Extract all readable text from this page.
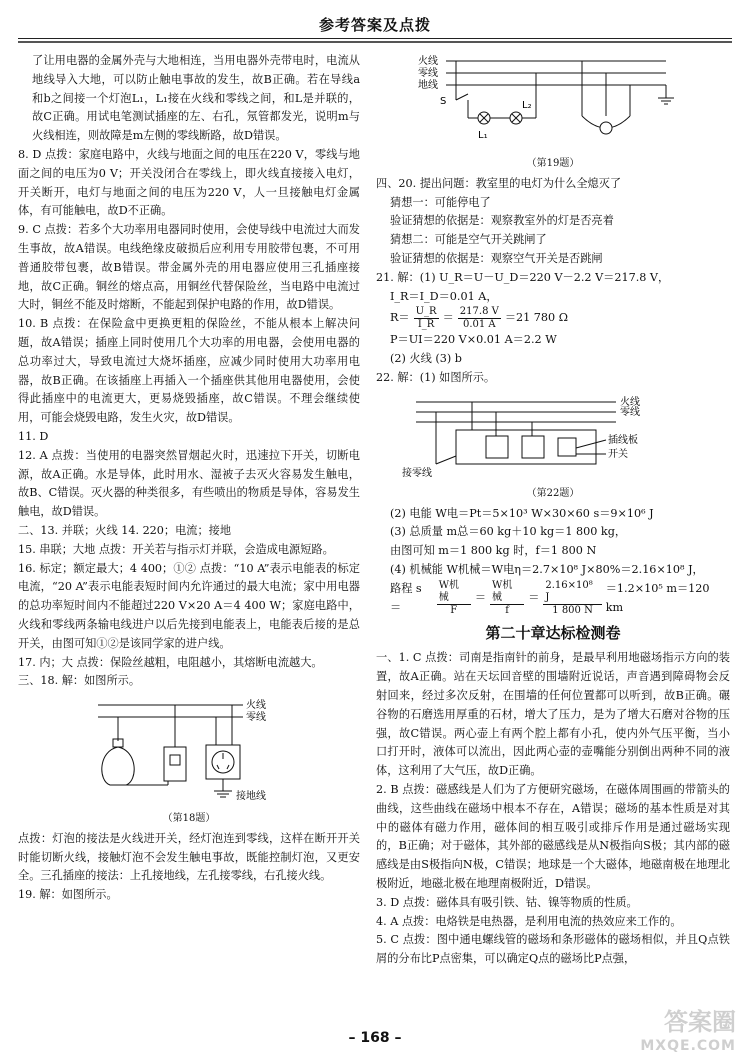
参考答案及点拨

了让用电器的金属外壳与大地相连，当用电器外壳带电时，电流从地线导入大地，可以防止触电事故的发生，故B正确。若在导线a和b之间接一个灯泡L₁，L₁接在火线和零线之间，和L是并联的，故C正确。用试电笔测试插座的左、右孔，氖管都发光，说明m与火线相连，则故障是m左侧的零线断路，故D错误。

8. D 点拨：家庭电路中，火线与地面之间的电压在220 V，零线与地面之间的电压为0 V；开关没闭合在零线上，即火线直接接入电灯，开关断开，电灯与地面之间的电压为220 V，人一旦接触电灯金属体，有可能触电，故D不正确。

9. C 点拨：若多个大功率用电器同时使用，会使导线中电流过大而发生事故，故A错误。电线绝缘皮破损后应利用专用胶带包裹，不可用普通胶带包裹，故B错误。带金属外壳的用电器应使用三孔插座接地，故C正确。铜丝的熔点高，用铜丝代替保险丝，当电路中电流过大时，铜丝不能及时熔断，不能起到保护电路的作用，故D错误。

10. B 点拨：在保险盒中更换更粗的保险丝，不能从根本上解决问题，故A错误；插座上同时使用几个大功率的用电器，会使用电器的总功率过大，导致电流过大烧坏插座，应减少同时使用大功率用电器，故B正确。在该插座上再插入一个插座供其他用电器使用，会使得此插座中的电流更大，更易烧毁插座，故C错误。不理会继续使用，可能会烧毁电路，发生火灾，故D错误。

11. D

12. A 点拨：当使用的电器突然冒烟起火时，迅速拉下开关，切断电源，故A正确。水是导体，此时用水、湿被子去灭火容易发生触电，故B、C错误。灭火器的种类很多，有些喷出的物质是导体，容易发生触电，故D错误。

二、13. 并联；火线 14. 220；电流；接地

15. 串联；大地 点拨：开关若与指示灯并联，会造成电源短路。

16. 标定；额定最大；4 400；①② 点拨：“10 A”表示电能表的标定电流，“20 A”表示电能表短时间内允许通过的最大电流；家中用电器的总功率短时间内不能超过220 V×20 A＝4 400 W；家庭电路中，火线和零线两条输电线进户以后先接到电能表上，电能表后接的是总开关，由图可知①②是该同学家的进户线。

17. 内；大 点拨：保险丝越粗，电阻越小，其熔断电流越大。

三、18. 解：如图所示。

火线
零线
接地线
（第18题）

点拨：灯泡的接法是火线进开关，经灯泡连到零线，这样在断开开关时能切断火线，接触灯泡不会发生触电事故，既能控制灯泡，又更安全。三孔插座的接法：上孔接地线，左孔接零线，右孔接火线。

19. 解：如图所示。

火线
零线
地线
S
L₁
L₂
（第19题）

四、20. 提出问题：教室里的电灯为什么全熄灭了

猜想一：可能停电了

验证猜想的依据是：观察教室外的灯是否亮着

猜想二：可能是空气开关跳闸了

验证猜想的依据是：观察空气开关是否跳闸

21. 解：(1) U_R＝U－U_D＝220 V－2.2 V＝217.8 V，

I_R＝I_D＝0.01 A，

$R= \frac{U\_R}{I\_R} = \frac{217.8 V}{0.01 A} =21$ 780 Ω

P＝UI＝220 V×0.01 A＝2.2 W

(2) 火线 (3) b

22. 解：(1) 如图所示。

火线
零线
插线板
开关
接零线
（第22题）

(2) 电能 W电＝Pt＝5×10³ W×30×60 s＝9×10⁶ J

(3) 总质量 m总＝60 kg＋10 kg＝1 800 kg，

由图可知 m＝1 800 kg 时，f＝1 800 N

(4) 机械能 W机械＝W电η＝2.7×10⁸ J×80%＝2.16×10⁸ J，

路程 s＝	$\frac{\text{W机械}}{F} = \frac{\text{W机械}}{f} = \frac{\text{2.16×10⁸ J}}{1 800 N} =1.2\times 10^5$ m＝120 km
第二十章达标检测卷

一、1. C 点拨：司南是指南针的前身，是最早利用地磁场指示方向的装置，故A正确。站在天坛回音壁的围墙附近说话，声音遇到障碍物会反射回来，经过多次反射，在围墙的任何位置都可以听到，故B正确。碾谷物的石磨选用厚重的石材，增大了压力，是为了增大石磨对谷物的压强，故C错误。两心壶上有两个腔上都有小孔，使内外气压平衡，当小口打开时，液体可以流出，因此两心壶的壶嘴能分别倒出两种不同的液体，这利用了大气压，故D正确。

2. B 点拨：磁感线是人们为了方便研究磁场，在磁体周围画的带箭头的曲线，这些曲线在磁场中根本不存在，A错误；磁场的基本性质是对其中的磁体有磁力作用，磁体间的相互吸引或排斥作用是通过磁场实现的，B正确；对于磁体，其外部的磁感线是从N极指向S极；其内部的磁感线是由S极指向N极，C错误；地球是一个大磁体，地磁南极在地理北极附近，地磁北极在地理南极附近，D错误。

3. D 点拨：磁体具有吸引铁、钴、镍等物质的性质。

4. A 点拨：电烙铁是电热器，是利用电流的热效应来工作的。

5. C 点拨：图中通电螺线管的磁场和条形磁体的磁场相似，并且Q点铁屑的分布比P点密集，可以确定Q点的磁场比P点强，

– 168 –
答案圈
MXQE.COM
